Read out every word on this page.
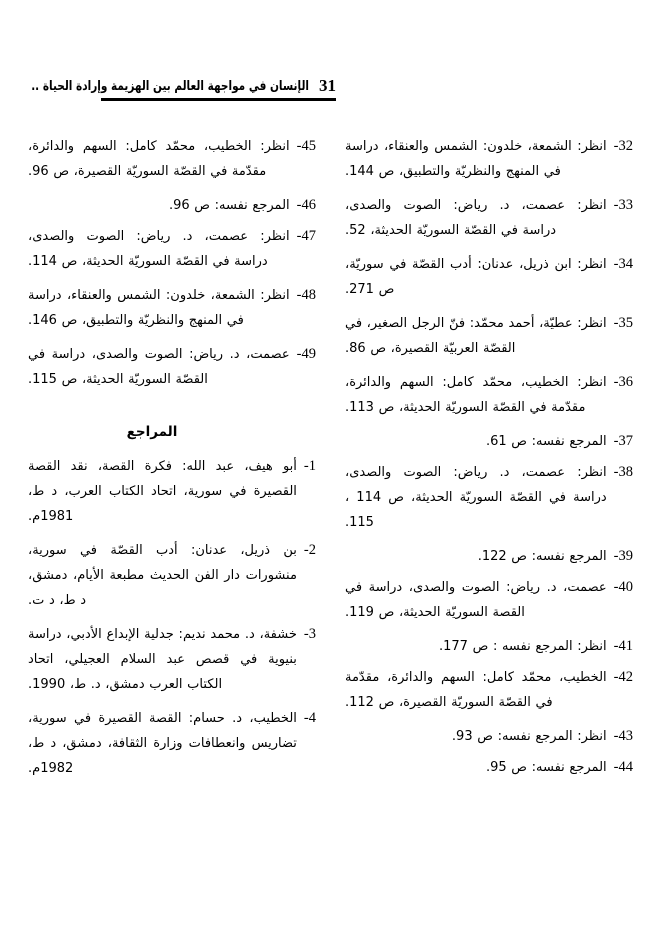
31
الإنسان في مواجهة العالم بين الهزيمة وإرادة الحياة ..
-32
انظر: الشمعة، خلدون: الشمس والعنقاء، دراسة في المنهج والنظريّة والتطبيق، ص 144.
-33
انظر: عصمت، د. رياض: الصوت والصدى، دراسة في القصّة السوريّة الحديثة، 52.
-34
انظر: ابن ذريل، عدنان: أدب القصّة في سوريّة، ص 271.
-35
انظر: عطيّة، أحمد محمّد: فنّ الرجل الصغير، في القصّة العربيّة القصيرة، ص 86.
-36
انظر: الخطيب، محمّد كامل: السهم والدائرة، مقدّمة في القصّة السوريّة الحديثة، ص 113.
-37
المرجع نفسه: ص 61.
-38
انظر: عصمت، د. رياض: الصوت والصدى، دراسة في القصّة السوريّة الحديثة، ص 114 ، 115.
-39
المرجع نفسه: ص 122.
-40
عصمت، د. رياض: الصوت والصدى، دراسة في القصة السوريّة الحديثة، ص 119.
-41
انظر: المرجع نفسه : ص 177.
-42
الخطيب، محمّد كامل: السهم والدائرة، مقدّمة في القصّة السوريّة القصيرة، ص 112.
-43
انظر: المرجع نفسه: ص 93.
-44
المرجع نفسه: ص 95.
-45
انظر: الخطيب، محمّد كامل: السهم والدائرة، مقدّمة في القصّة السوريّة القصيرة، ص 96.
-46
المرجع نفسه: ص 96.
-47
انظر: عصمت، د. رياض: الصوت والصدى، دراسة في القصّة السوريّة الحديثة، ص 114.
-48
انظر: الشمعة، خلدون: الشمس والعنقاء، دراسة في المنهج والنظريّة والتطبيق، ص 146.
-49
عصمت، د. رياض: الصوت والصدى، دراسة في القصّة السوريّة الحديثة، ص 115.
المراجع
-1
أبو هيف، عبد الله: فكرة القصة، نقد القصة القصيرة في سورية، اتحاد الكتاب العرب، د ط، 1981م.
-2
بن ذريل، عدنان: أدب القصّة في سورية، منشورات دار الفن الحديث مطبعة الأيام، دمشق، د ط، د ت.
-3
خشفة، د. محمد نديم: جدلية الإبداع الأدبي، دراسة بنيوية في قصص عبد السلام العجيلي، اتحاد الكتاب العرب دمشق، د. ط، 1990.
-4
الخطيب، د. حسام: القصة القصيرة في سورية، تضاريس وانعطافات وزارة الثقافة، دمشق، د ط، 1982م.
